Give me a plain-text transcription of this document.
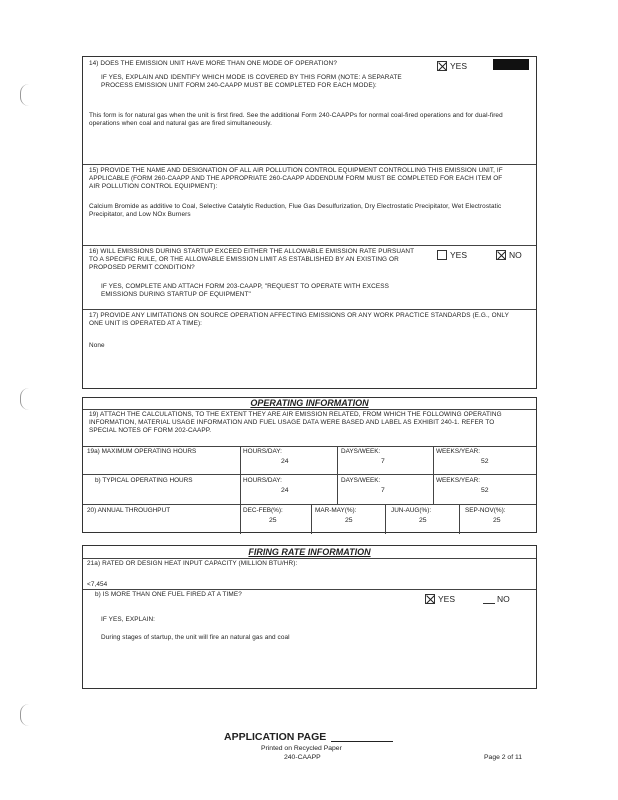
14) DOES THE EMISSION UNIT HAVE MORE THAN ONE MODE OF OPERATION?	YES
IF YES, EXPLAIN AND IDENTIFY WHICH MODE IS COVERED BY THIS FORM (NOTE: A SEPARATE PROCESS EMISSION UNIT FORM 240-CAAPP MUST BE COMPLETED FOR EACH MODE):
This form is for natural gas when the unit is first fired. See the additional Form 240-CAAPPs for normal coal-fired operations and for dual-fired operations when coal and natural gas are fired simultaneously.
15) PROVIDE THE NAME AND DESIGNATION OF ALL AIR POLLUTION CONTROL EQUIPMENT CONTROLLING THIS EMISSION UNIT, IF APPLICABLE (FORM 260-CAAPP AND THE APPROPRIATE 260-CAAPP ADDENDUM FORM MUST BE COMPLETED FOR EACH ITEM OF AIR POLLUTION CONTROL EQUIPMENT):
Calcium Bromide as additive to Coal, Selective Catalytic Reduction, Flue Gas Desulfurization, Dry Electrostatic Precipitator, Wet Electrostatic Precipitator, and Low NOx Burners
16) WILL EMISSIONS DURING STARTUP EXCEED EITHER THE ALLOWABLE EMISSION RATE PURSUANT TO A SPECIFIC RULE, OR THE ALLOWABLE EMISSION LIMIT AS ESTABLISHED BY AN EXISTING OR PROPOSED PERMIT CONDITION?
YES	NO
IF YES, COMPLETE AND ATTACH FORM 203-CAAPP, "REQUEST TO OPERATE WITH EXCESS EMISSIONS DURING STARTUP OF EQUIPMENT"
17) PROVIDE ANY LIMITATIONS ON SOURCE OPERATION AFFECTING EMISSIONS OR ANY WORK PRACTICE STANDARDS (E.G., ONLY ONE UNIT IS OPERATED AT A TIME):
None
OPERATING INFORMATION
19) ATTACH THE CALCULATIONS, TO THE EXTENT THEY ARE AIR EMISSION RELATED, FROM WHICH THE FOLLOWING OPERATING INFORMATION, MATERIAL USAGE INFORMATION AND FUEL USAGE DATA WERE BASED AND LABEL AS EXHIBIT 240-1. REFER TO SPECIAL NOTES OF FORM 202-CAAPP.
19a) MAXIMUM OPERATING HOURS	HOURS/DAY:
24
DAYS/WEEK:
7
WEEKS/YEAR:
52
b) TYPICAL OPERATING HOURS	HOURS/DAY:
24
DAYS/WEEK:
7
WEEKS/YEAR:
52
20) ANNUAL THROUGHPUT	DEC-FEB(%):
25
MAR-MAY(%):
25
JUN-AUG(%):
25
SEP-NOV(%):
25
FIRING RATE INFORMATION
21a) RATED OR DESIGN HEAT INPUT CAPACITY (MILLION BTU/HR):
<7,454
b) IS MORE THAN ONE FUEL FIRED AT A TIME?	YES	NO
IF YES, EXPLAIN:
During stages of startup, the unit will fire an natural gas and coal
APPLICATION PAGE
Printed on Recycled Paper
240-CAAPP	Page 2 of 11
